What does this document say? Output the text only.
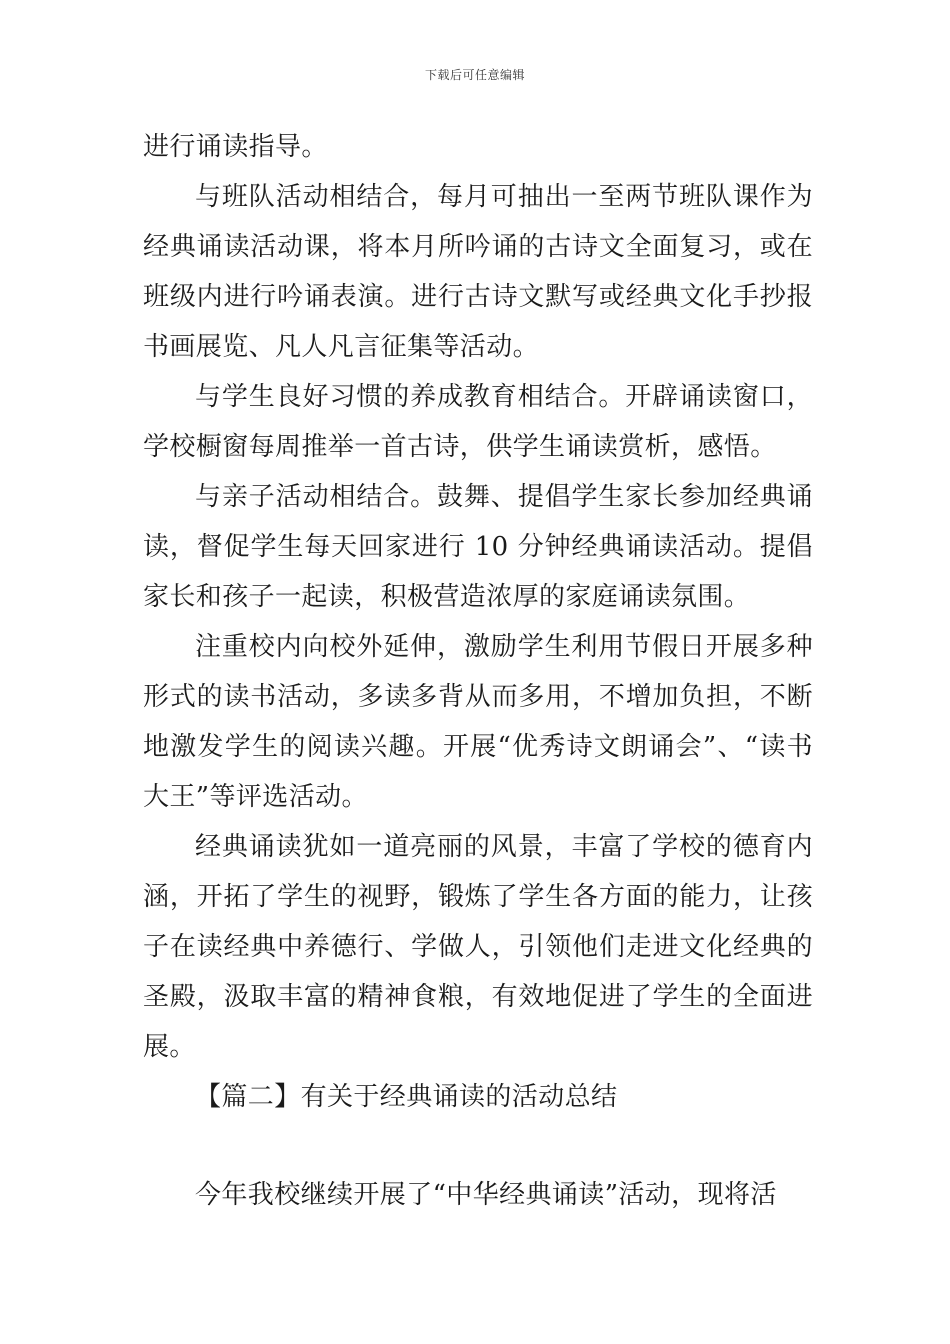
下载后可任意编辑

进行诵读指导。

与班队活动相结合，每月可抽出一至两节班队课作为经典诵读活动课，将本月所吟诵的古诗文全面复习，或在班级内进行吟诵表演。进行古诗文默写或经典文化手抄报书画展览、凡人凡言征集等活动。

与学生良好习惯的养成教育相结合。开辟诵读窗口，学校橱窗每周推举一首古诗，供学生诵读赏析，感悟。

与亲子活动相结合。鼓舞、提倡学生家长参加经典诵读，督促学生每天回家进行 10 分钟经典诵读活动。提倡家长和孩子一起读，积极营造浓厚的家庭诵读氛围。

注重校内向校外延伸，激励学生利用节假日开展多种形式的读书活动，多读多背从而多用，不增加负担，不断地激发学生的阅读兴趣。开展“优秀诗文朗诵会”、“读书大王”等评选活动。

经典诵读犹如一道亮丽的风景，丰富了学校的德育内涵，开拓了学生的视野，锻炼了学生各方面的能力，让孩子在读经典中养德行、学做人，引领他们走进文化经典的圣殿，汲取丰富的精神食粮，有效地促进了学生的全面进展。

【篇二】有关于经典诵读的活动总结

今年我校继续开展了“中华经典诵读”活动，现将活
